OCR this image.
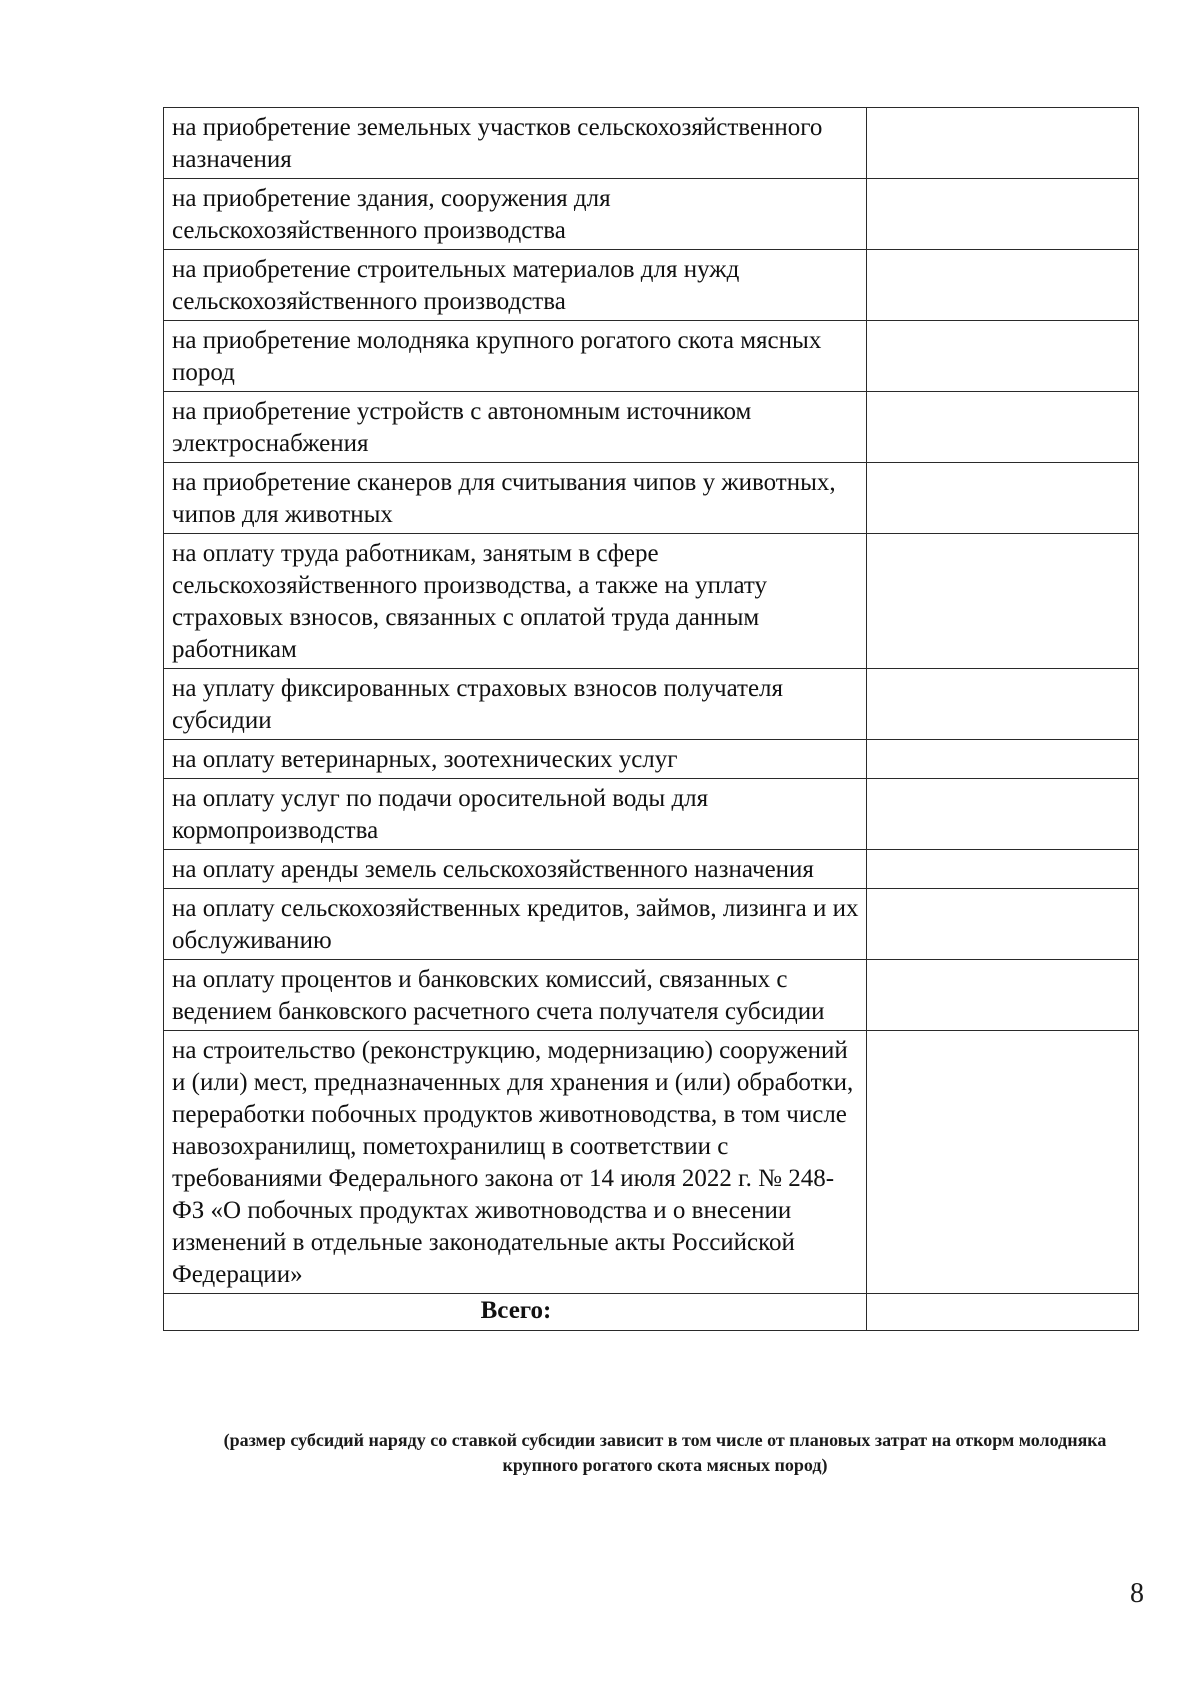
на приобретение земельных участков сельскохозяйственного назначения	
на приобретение здания, сооружения для сельскохозяйственного производства	
на приобретение строительных материалов для нужд сельскохозяйственного производства	
на приобретение молодняка крупного рогатого скота мясных пород	
на приобретение устройств с автономным источником электроснабжения	
на приобретение сканеров для считывания чипов у животных, чипов для животных	
на оплату труда работникам, занятым в сфере сельскохозяйственного производства, а также на уплату страховых взносов, связанных с оплатой труда данным работникам	
на уплату фиксированных страховых взносов получателя субсидии	
на оплату ветеринарных, зоотехнических услуг	
на оплату услуг по подачи оросительной воды для кормопроизводства	
на оплату аренды земель сельскохозяйственного назначения	
на оплату сельскохозяйственных кредитов, займов, лизинга и их обслуживанию	
на оплату процентов и банковских комиссий, связанных с ведением банковского расчетного счета получателя субсидии	
на строительство (реконструкцию, модернизацию) сооружений и (или) мест, предназначенных для хранения и (или) обработки, переработки побочных продуктов животноводства, в том числе навозохранилищ, пометохранилищ в соответствии с требованиями Федерального закона от 14 июля 2022 г. № 248-ФЗ «О побочных продуктах животноводства и о внесении изменений в отдельные законодательные акты Российской Федерации»	
Всего:	

(размер субсидий наряду со ставкой субсидии зависит в том числе от плановых затрат на откорм молодняка крупного рогатого скота мясных пород)

8
